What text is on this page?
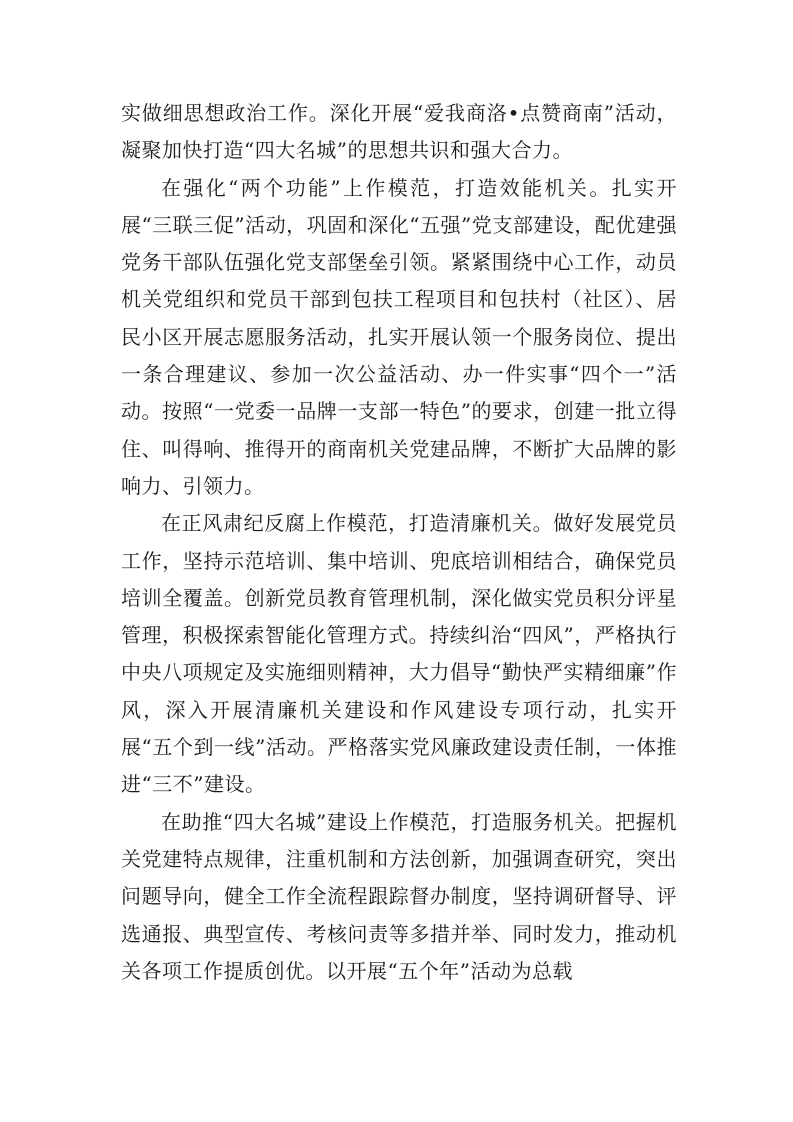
实做细思想政治工作。深化开展“爱我商洛•点赞商南”活动，凝聚加快打造“四大名城”的思想共识和强大合力。

在强化“两个功能”上作模范，打造效能机关。扎实开展“三联三促”活动，巩固和深化“五强”党支部建设，配优建强党务干部队伍强化党支部堡垒引领。紧紧围绕中心工作，动员机关党组织和党员干部到包扶工程项目和包扶村（社区）、居民小区开展志愿服务活动，扎实开展认领一个服务岗位、提出一条合理建议、参加一次公益活动、办一件实事“四个一”活动。按照“一党委一品牌一支部一特色”的要求，创建一批立得住、叫得响、推得开的商南机关党建品牌，不断扩大品牌的影响力、引领力。

在正风肃纪反腐上作模范，打造清廉机关。做好发展党员工作，坚持示范培训、集中培训、兜底培训相结合，确保党员培训全覆盖。创新党员教育管理机制，深化做实党员积分评星管理，积极探索智能化管理方式。持续纠治“四风”，严格执行中央八项规定及实施细则精神，大力倡导“勤快严实精细廉”作风，深入开展清廉机关建设和作风建设专项行动，扎实开展“五个到一线”活动。严格落实党风廉政建设责任制，一体推进“三不”建设。

在助推“四大名城”建设上作模范，打造服务机关。把握机关党建特点规律，注重机制和方法创新，加强调查研究，突出问题导向，健全工作全流程跟踪督办制度，坚持调研督导、评选通报、典型宣传、考核问责等多措并举、同时发力，推动机关各项工作提质创优。以开展“五个年”活动为总载
